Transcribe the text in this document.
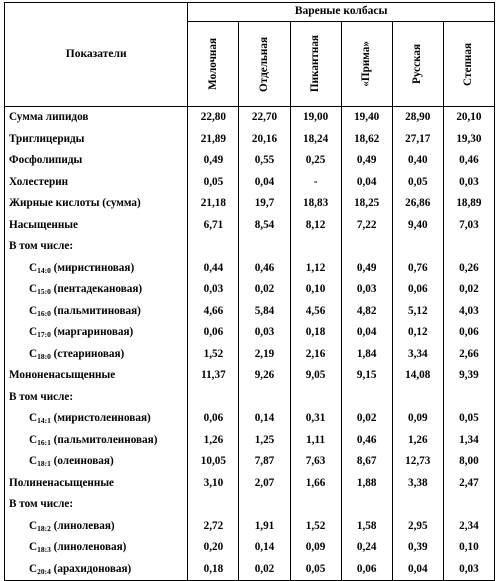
Показатели	Вареные колбасы					

	Молочная	Отдельная	Пикантная	«Прима»	Русская	Степная

Сумма липидов	22,80	22,70	19,00	19,40	28,90	20,10
Триглицериды	21,89	20,16	18,24	18,62	27,17	19,30
Фосфолипиды	0,49	0,55	0,25	0,49	0,40	0,46
Холестерин	0,05	0,04	-	0,04	0,05	0,03
Жирные кислоты (сумма)	21,18	19,7	18,83	18,25	26,86	18,89
Насыщенные	6,71	8,54	8,12	7,22	9,40	7,03
В том числе:						
$C_{14:0}$ (миристиновая)	0,44	0,46	1,12	0,49	0,76	0,26
$C_{15:0}$ (пентадекановая)	0,03	0,02	0,10	0,03	0,06	0,02
$C_{16:0}$ (пальмитиновая)	4,66	5,84	4,56	4,82	5,12	4,03
$C_{17:0}$ (маргариновая)	0,06	0,03	0,18	0,04	0,12	0,06
$C_{18:0}$ (стеариновая)	1,52	2,19	2,16	1,84	3,34	2,66
Мононенасыщенные	11,37	9,26	9,05	9,15	14,08	9,39
В том числе:						
$C_{14:1}$ (миристолеиновая)	0,06	0,14	0,31	0,02	0,09	0,05
$C_{16:1}$ (пальмитолеиновая)	1,26	1,25	1,11	0,46	1,26	1,34
$C_{18:1}$ (олеиновая)	10,05	7,87	7,63	8,67	12,73	8,00
Полиненасыщенные	3,10	2,07	1,66	1,88	3,38	2,47
В том числе:						
$C_{18:2}$ (линолевая)	2,72	1,91	1,52	1,58	2,95	2,34
$C_{18:3}$ (линоленовая)	0,20	0,14	0,09	0,24	0,39	0,10
$C_{20:4}$ (арахидоновая)	0,18	0,02	0,05	0,06	0,04	0,03
